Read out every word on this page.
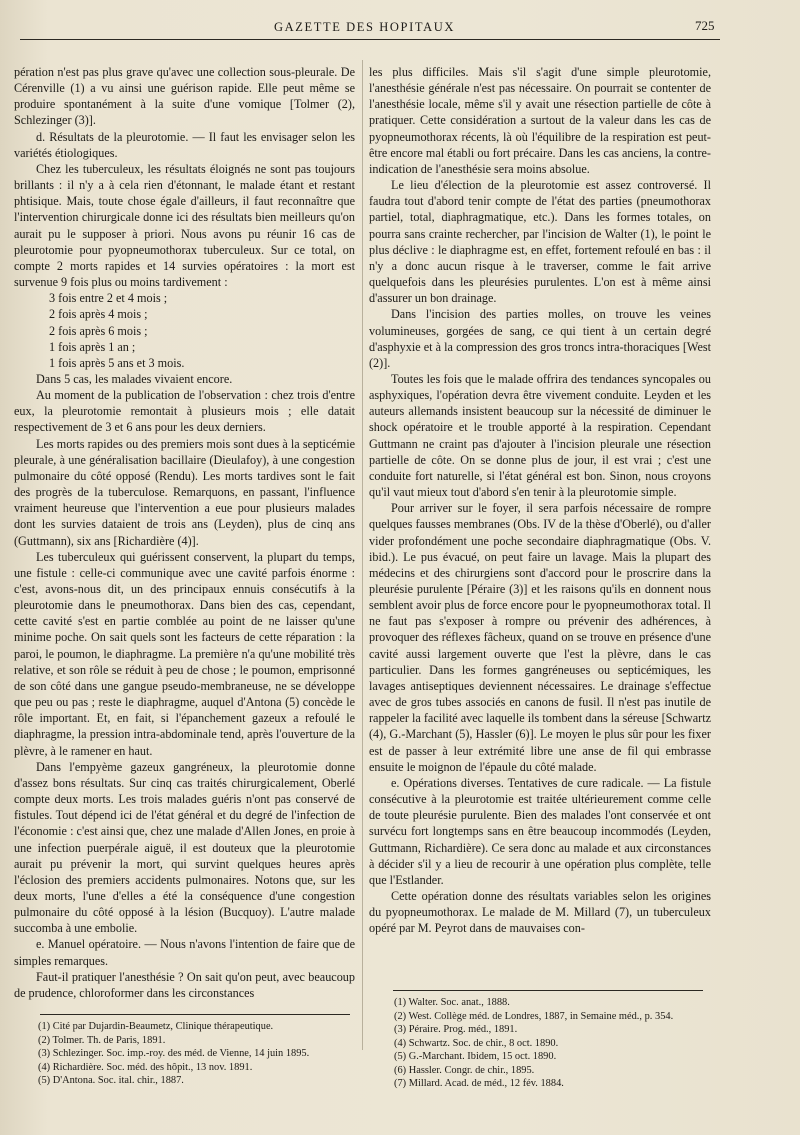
GAZETTE DES HOPITAUX	725

pération n'est pas plus grave qu'avec une collection sous-pleurale. De Cérenville (1) a vu ainsi une guérison rapide. Elle peut même se produire spontanément à la suite d'une vomique [Tolmer (2), Schlezinger (3)].

d. Résultats de la pleurotomie. — Il faut les envisager selon les variétés étiologiques.

Chez les tuberculeux, les résultats éloignés ne sont pas toujours brillants : il n'y a à cela rien d'étonnant, le malade étant et restant phtisique. Mais, toute chose égale d'ailleurs, il faut reconnaître que l'intervention chirurgicale donne ici des résultats bien meilleurs qu'on aurait pu le supposer à priori. Nous avons pu réunir 16 cas de pleurotomie pour pyopneumothorax tuberculeux. Sur ce total, on compte 2 morts rapides et 14 survies opératoires : la mort est survenue 9 fois plus ou moins tardivement :

3 fois entre 2 et 4 mois ;
2 fois après 4 mois ;
2 fois après 6 mois ;
1 fois après 1 an ;
1 fois après 5 ans et 3 mois.

Dans 5 cas, les malades vivaient encore.

Au moment de la publication de l'observation : chez trois d'entre eux, la pleurotomie remontait à plusieurs mois ; elle datait respectivement de 3 et 6 ans pour les deux derniers.

Les morts rapides ou des premiers mois sont dues à la septicémie pleurale, à une généralisation bacillaire (Dieulafoy), à une congestion pulmonaire du côté opposé (Rendu). Les morts tardives sont le fait des progrès de la tuberculose. Remarquons, en passant, l'influence vraiment heureuse que l'intervention a eue pour plusieurs malades dont les survies dataient de trois ans (Leyden), plus de cinq ans (Guttmann), six ans [Richardière (4)].

Les tuberculeux qui guérissent conservent, la plupart du temps, une fistule : celle-ci communique avec une cavité parfois énorme : c'est, avons-nous dit, un des principaux ennuis consécutifs à la pleurotomie dans le pneumothorax. Dans bien des cas, cependant, cette cavité s'est en partie comblée au point de ne laisser qu'une minime poche. On sait quels sont les facteurs de cette réparation : la paroi, le poumon, le diaphragme. La première n'a qu'une mobilité très relative, et son rôle se réduit à peu de chose ; le poumon, emprisonné de son côté dans une gangue pseudo-membraneuse, ne se développe que peu ou pas ; reste le diaphragme, auquel d'Antona (5) concède le rôle important. Et, en fait, si l'épanchement gazeux a refoulé le diaphragme, la pression intra-abdominale tend, après l'ouverture de la plèvre, à le ramener en haut.

Dans l'empyème gazeux gangréneux, la pleurotomie donne d'assez bons résultats. Sur cinq cas traités chirurgicalement, Oberlé compte deux morts. Les trois malades guéris n'ont pas conservé de fistules. Tout dépend ici de l'état général et du degré de l'infection de l'économie : c'est ainsi que, chez une malade d'Allen Jones, en proie à une infection puerpérale aiguë, il est douteux que la pleurotomie aurait pu prévenir la mort, qui survint quelques heures après l'éclosion des premiers accidents pulmonaires. Notons que, sur les deux morts, l'une d'elles a été la conséquence d'une congestion pulmonaire du côté opposé à la lésion (Bucquoy). L'autre malade succomba à une embolie.

e. Manuel opératoire. — Nous n'avons l'intention de faire que de simples remarques.

Faut-il pratiquer l'anesthésie ? On sait qu'on peut, avec beaucoup de prudence, chloroformer dans les circonstances

les plus difficiles. Mais s'il s'agit d'une simple pleurotomie, l'anesthésie générale n'est pas nécessaire. On pourrait se contenter de l'anesthésie locale, même s'il y avait une résection partielle de côte à pratiquer. Cette considération a surtout de la valeur dans les cas de pyopneumothorax récents, là où l'équilibre de la respiration est peut-être encore mal établi ou fort précaire. Dans les cas anciens, la contre-indication de l'anesthésie sera moins absolue.

Le lieu d'élection de la pleurotomie est assez controversé. Il faudra tout d'abord tenir compte de l'état des parties (pneumothorax partiel, total, diaphragmatique, etc.). Dans les formes totales, on pourra sans crainte rechercher, par l'incision de Walter (1), le point le plus déclive : le diaphragme est, en effet, fortement refoulé en bas : il n'y a donc aucun risque à le traverser, comme le fait arrive quelquefois dans les pleurésies purulentes. L'on est à même ainsi d'assurer un bon drainage.

Dans l'incision des parties molles, on trouve les veines volumineuses, gorgées de sang, ce qui tient à un certain degré d'asphyxie et à la compression des gros troncs intra-thoraciques [West (2)].

Toutes les fois que le malade offrira des tendances syncopales ou asphyxiques, l'opération devra être vivement conduite. Leyden et les auteurs allemands insistent beaucoup sur la nécessité de diminuer le shock opératoire et le trouble apporté à la respiration. Cependant Guttmann ne craint pas d'ajouter à l'incision pleurale une résection partielle de côte. On se donne plus de jour, il est vrai ; c'est une conduite fort naturelle, si l'état général est bon. Sinon, nous croyons qu'il vaut mieux tout d'abord s'en tenir à la pleurotomie simple.

Pour arriver sur le foyer, il sera parfois nécessaire de rompre quelques fausses membranes (Obs. IV de la thèse d'Oberlé), ou d'aller vider profondément une poche secondaire diaphragmatique (Obs. V. ibid.). Le pus évacué, on peut faire un lavage. Mais la plupart des médecins et des chirurgiens sont d'accord pour le proscrire dans la pleurésie purulente [Péraire (3)] et les raisons qu'ils en donnent nous semblent avoir plus de force encore pour le pyopneumothorax total. Il ne faut pas s'exposer à rompre ou prévenir des adhérences, à provoquer des réflexes fâcheux, quand on se trouve en présence d'une cavité aussi largement ouverte que l'est la plèvre, dans le cas particulier. Dans les formes gangréneuses ou septicémiques, les lavages antiseptiques deviennent nécessaires. Le drainage s'effectue avec de gros tubes associés en canons de fusil. Il n'est pas inutile de rappeler la facilité avec laquelle ils tombent dans la séreuse [Schwartz (4), G.-Marchant (5), Hassler (6)]. Le moyen le plus sûr pour les fixer est de passer à leur extrémité libre une anse de fil qui embrasse ensuite le moignon de l'épaule du côté malade.

e. Opérations diverses. Tentatives de cure radicale. — La fistule consécutive à la pleurotomie est traitée ultérieurement comme celle de toute pleurésie purulente. Bien des malades l'ont conservée et ont survécu fort longtemps sans en être beaucoup incommodés (Leyden, Guttmann, Richardière). Ce sera donc au malade et aux circonstances à décider s'il y a lieu de recourir à une opération plus complète, telle que l'Estlander.

Cette opération donne des résultats variables selon les origines du pyopneumothorax. Le malade de M. Millard (7), un tuberculeux opéré par M. Peyrot dans de mauvaises con-

(1) Cité par Dujardin-Beaumetz, Clinique thérapeutique.
(2) Tolmer. Th. de Paris, 1891.
(3) Schlezinger. Soc. imp.-roy. des méd. de Vienne, 14 juin 1895.
(4) Richardière. Soc. méd. des hôpit., 13 nov. 1891.
(5) D'Antona. Soc. ital. chir., 1887.
(1) Walter. Soc. anat., 1888.
(2) West. Collège méd. de Londres, 1887, in Semaine méd., p. 354.
(3) Péraire. Prog. méd., 1891.
(4) Schwartz. Soc. de chir., 8 oct. 1890.
(5) G.-Marchant. Ibidem, 15 oct. 1890.
(6) Hassler. Congr. de chir., 1895.
(7) Millard. Acad. de méd., 12 fév. 1884.
